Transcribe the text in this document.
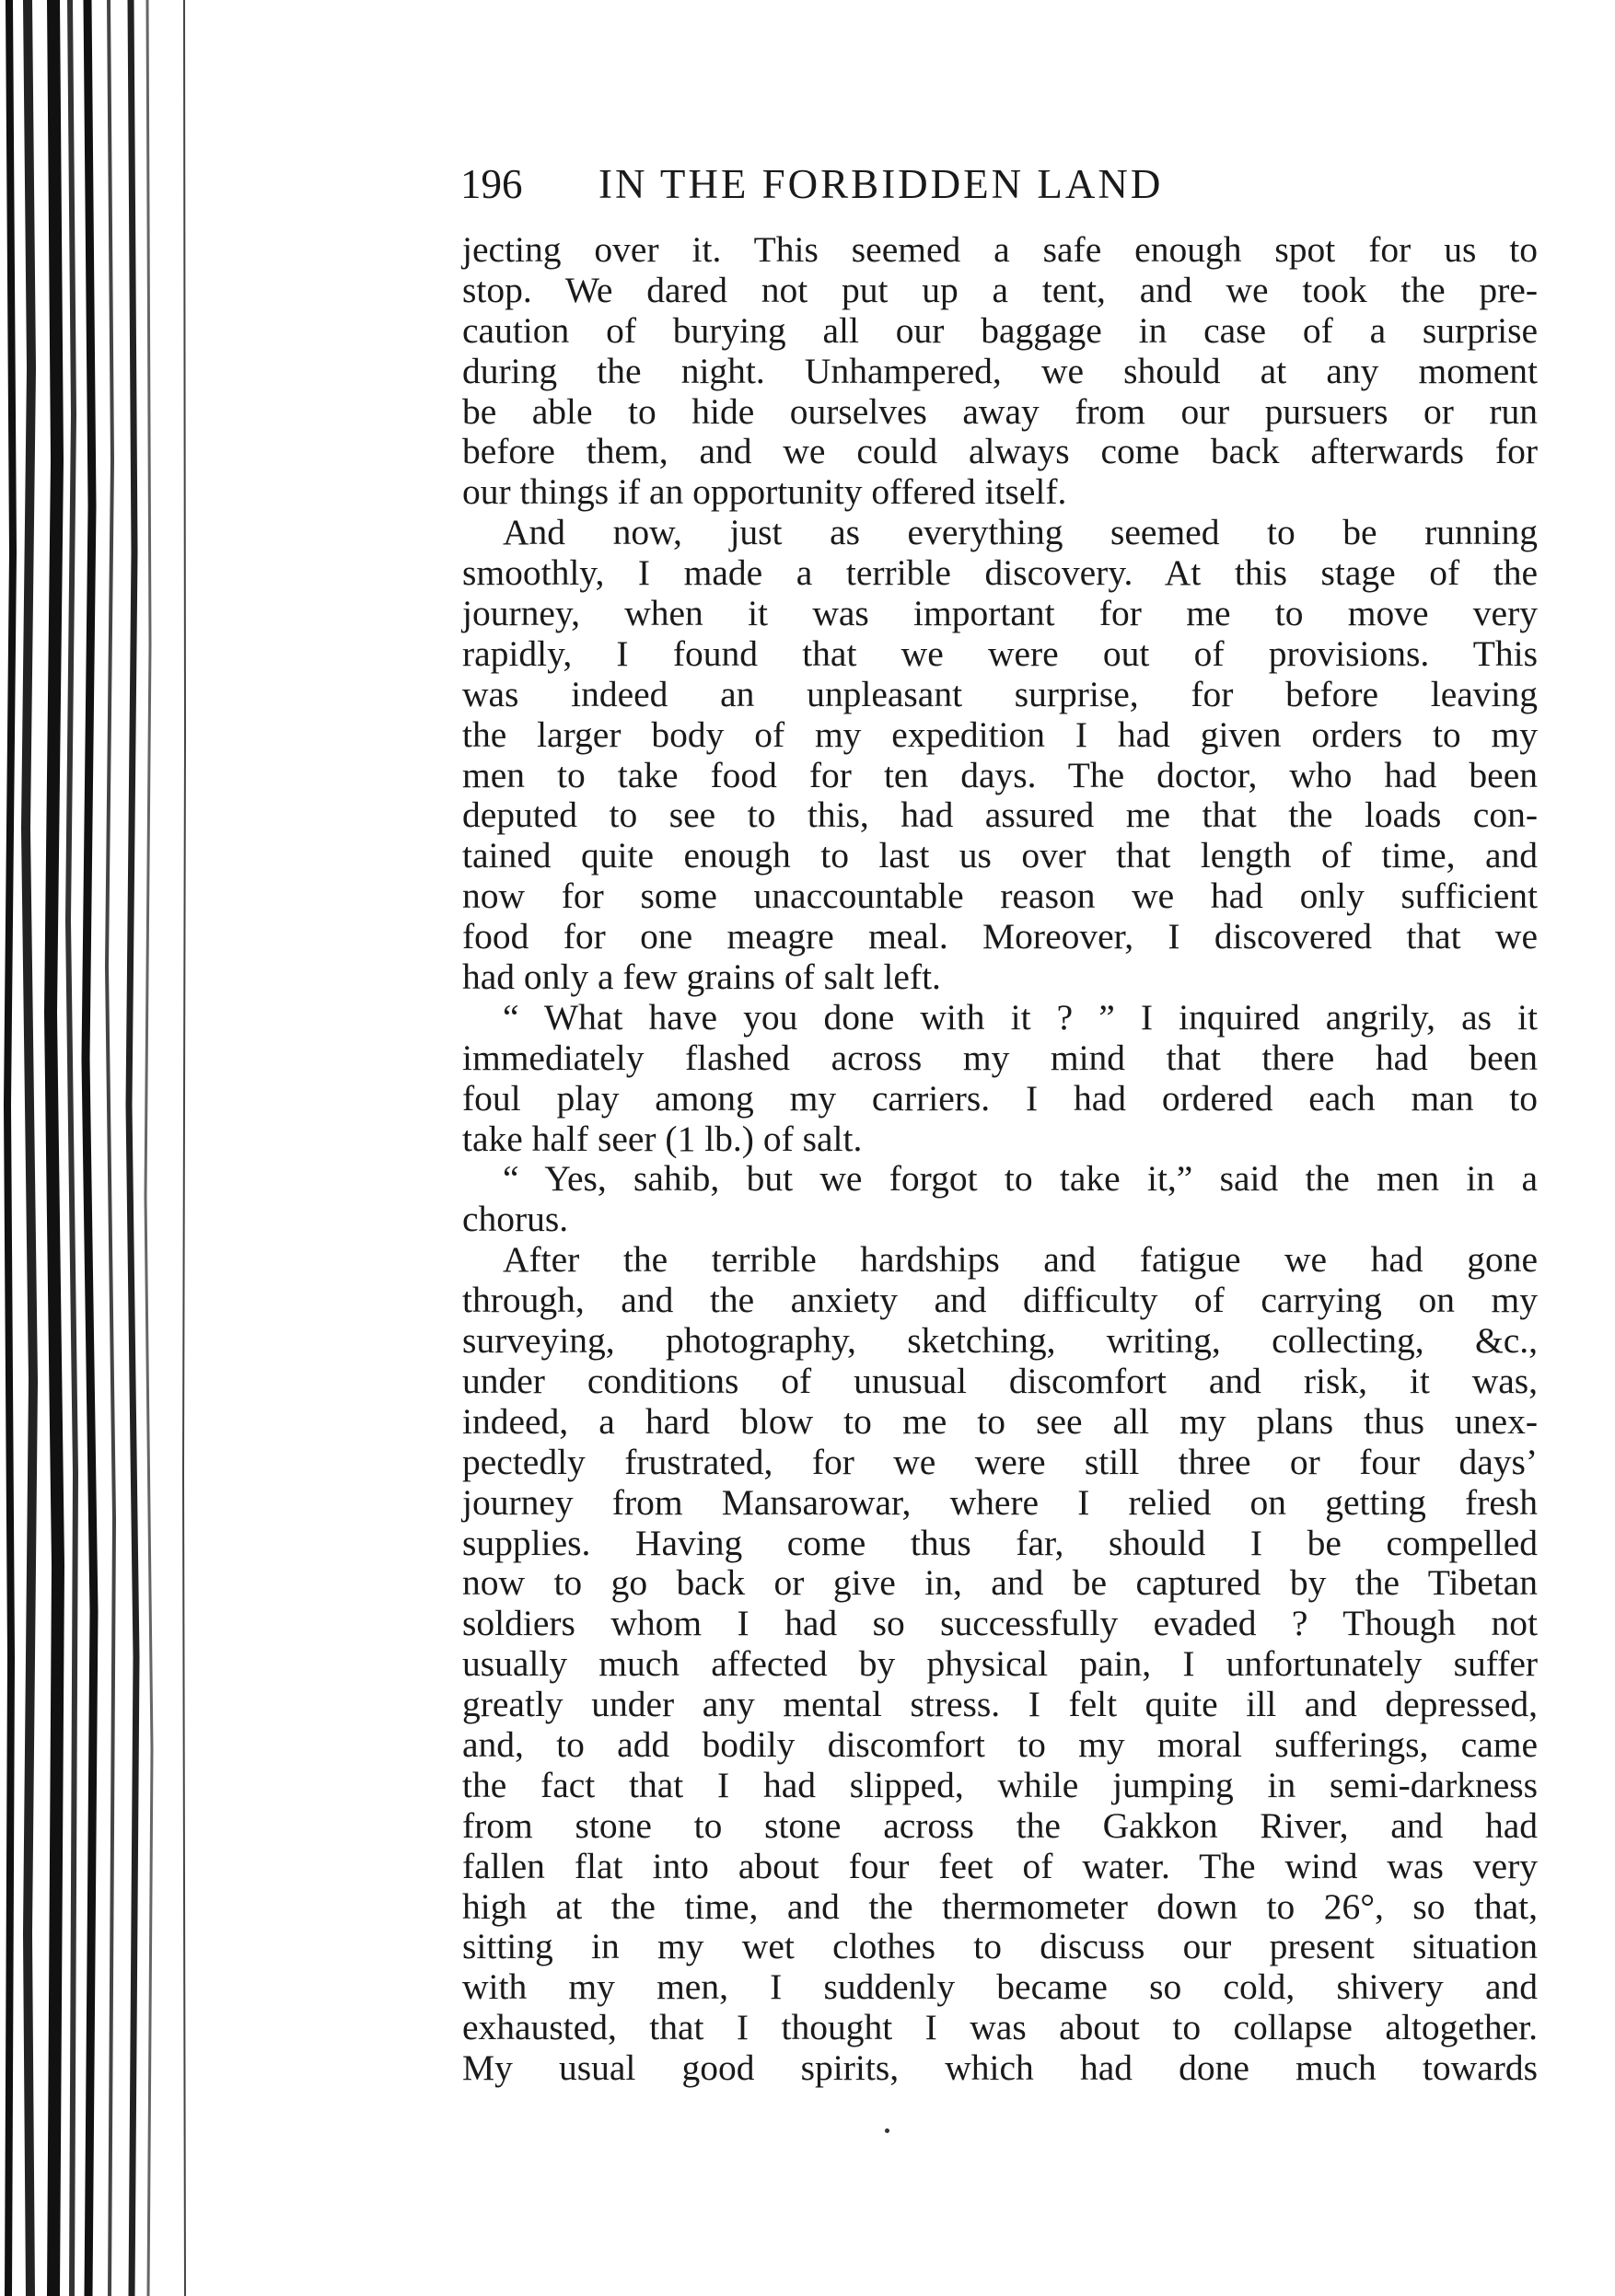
196 IN THE FORBIDDEN LAND
jecting over it. This seemed a safe enough spot for us to
stop. We dared not put up a tent, and we took the pre-
caution of burying all our baggage in case of a surprise
during the night. Unhampered, we should at any moment
be able to hide ourselves away from our pursuers or run
before them, and we could always come back afterwards for
our things if an opportunity offered itself.
And now, just as everything seemed to be running
smoothly, I made a terrible discovery. At this stage of the
journey, when it was important for me to move very
rapidly, I found that we were out of provisions. This
was indeed an unpleasant surprise, for before leaving
the larger body of my expedition I had given orders to my
men to take food for ten days. The doctor, who had been
deputed to see to this, had assured me that the loads con-
tained quite enough to last us over that length of time, and
now for some unaccountable reason we had only sufficient
food for one meagre meal. Moreover, I discovered that we
had only a few grains of salt left.
“ What have you done with it ? ” I inquired angrily, as it
immediately flashed across my mind that there had been
foul play among my carriers. I had ordered each man to
take half seer (1 lb.) of salt.
“ Yes, sahib, but we forgot to take it,” said the men in a
chorus.
After the terrible hardships and fatigue we had gone
through, and the anxiety and difficulty of carrying on my
surveying, photography, sketching, writing, collecting, &c.,
under conditions of unusual discomfort and risk, it was,
indeed, a hard blow to me to see all my plans thus unex-
pectedly frustrated, for we were still three or four days’
journey from Mansarowar, where I relied on getting fresh
supplies. Having come thus far, should I be compelled
now to go back or give in, and be captured by the Tibetan
soldiers whom I had so successfully evaded ? Though not
usually much affected by physical pain, I unfortunately suffer
greatly under any mental stress. I felt quite ill and depressed,
and, to add bodily discomfort to my moral sufferings, came
the fact that I had slipped, while jumping in semi-darkness
from stone to stone across the Gakkon River, and had
fallen flat into about four feet of water. The wind was very
high at the time, and the thermometer down to 26°, so that,
sitting in my wet clothes to discuss our present situation
with my men, I suddenly became so cold, shivery and
exhausted, that I thought I was about to collapse altogether.
My usual good spirits, which had done much towards
